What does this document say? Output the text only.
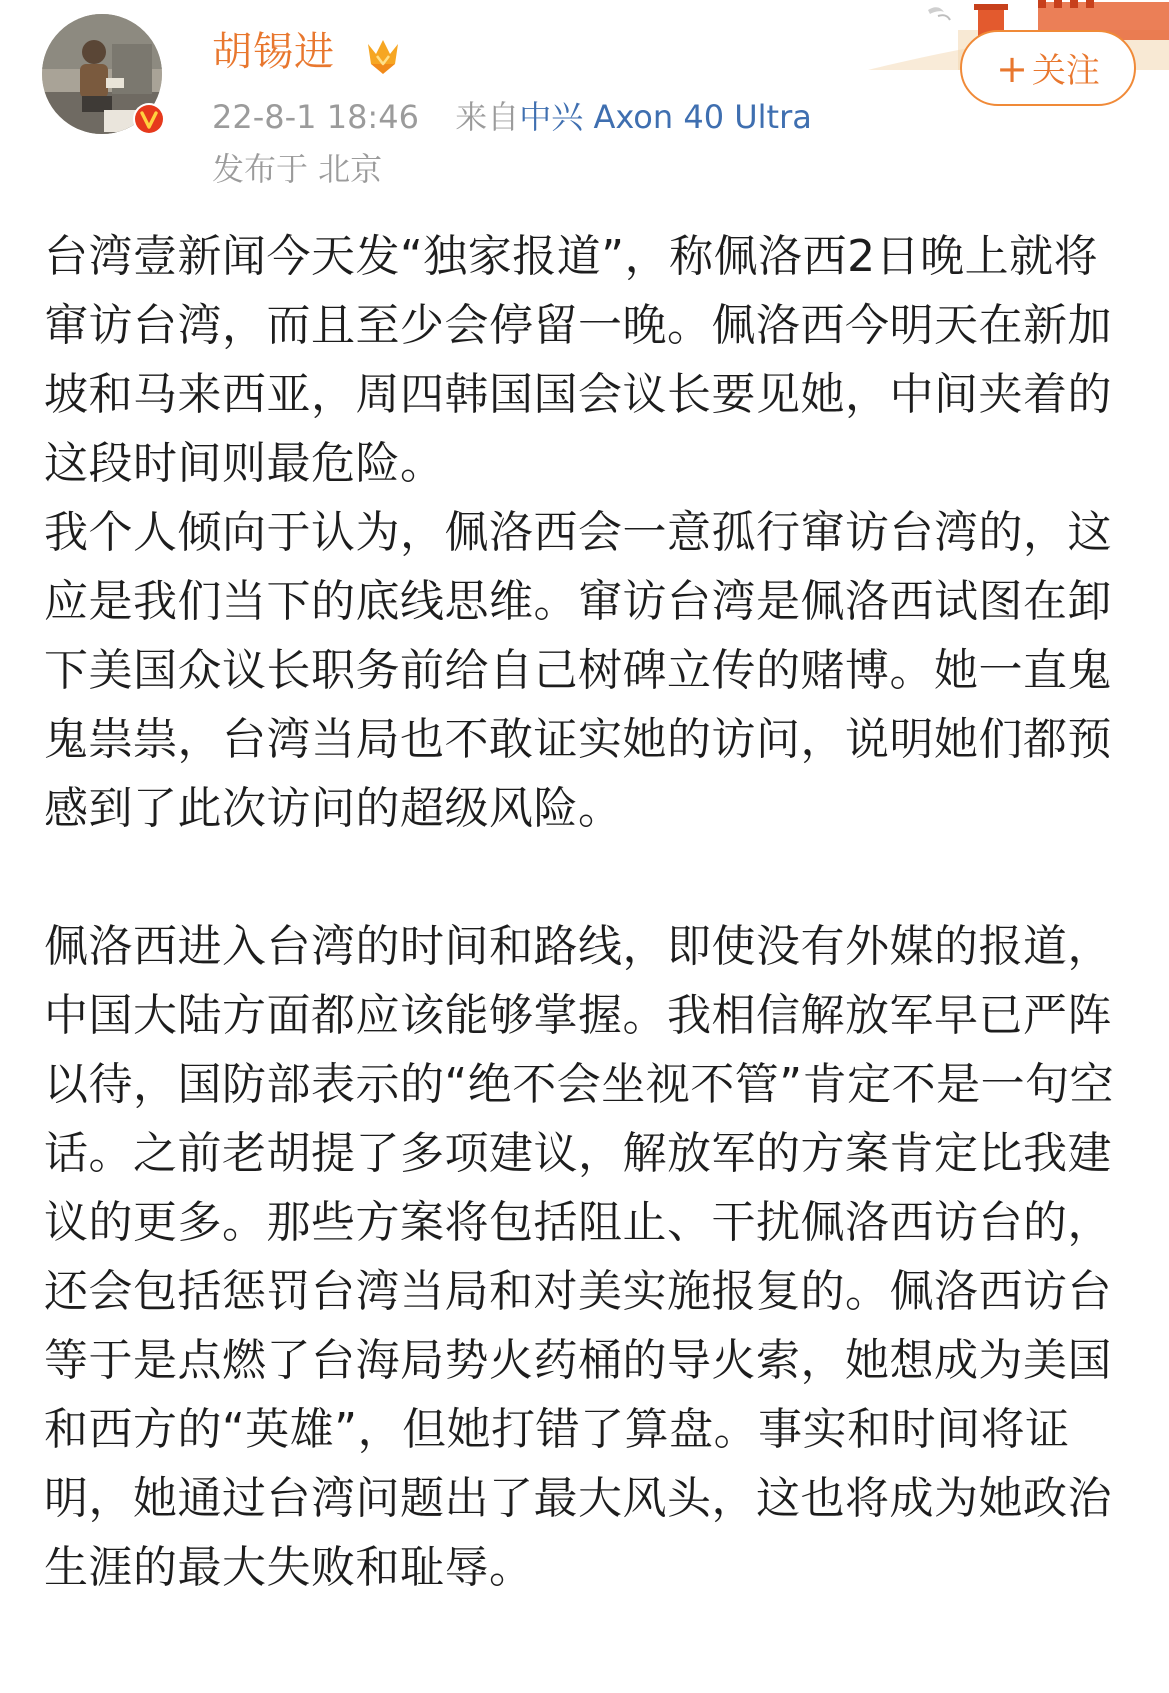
胡锡进
22-8-1 18:46 来自中兴 Axon 40 Ultra
发布于 北京
+ 关注

台湾壹新闻今天发“独家报道”，称佩洛西2日晚上就将窜访台湾，而且至少会停留一晚。佩洛西今明天在新加坡和马来西亚，周四韩国国会议长要见她，中间夹着的这段时间则最危险。

我个人倾向于认为，佩洛西会一意孤行窜访台湾的，这应是我们当下的底线思维。窜访台湾是佩洛西试图在卸下美国众议长职务前给自己树碑立传的赌博。她一直鬼鬼祟祟，台湾当局也不敢证实她的访问，说明她们都预感到了此次访问的超级风险。

佩洛西进入台湾的时间和路线，即使没有外媒的报道，中国大陆方面都应该能够掌握。我相信解放军早已严阵以待，国防部表示的“绝不会坐视不管”肯定不是一句空话。之前老胡提了多项建议，解放军的方案肯定比我建议的更多。那些方案将包括阻止、干扰佩洛西访台的，还会包括惩罚台湾当局和对美实施报复的。佩洛西访台等于是点燃了台海局势火药桶的导火索，她想成为美国和西方的“英雄”，但她打错了算盘。事实和时间将证明，她通过台湾问题出了最大风头，这也将成为她政治生涯的最大失败和耻辱。
